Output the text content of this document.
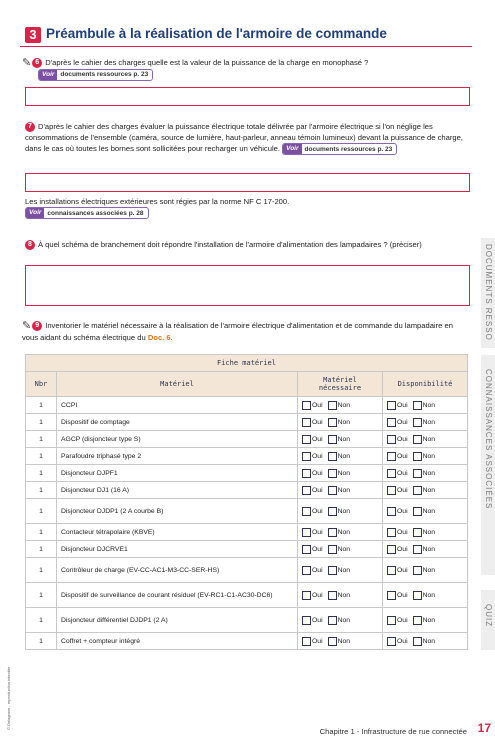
3 Préambule à la réalisation de l'armoire de commande
✎ 6 D'après le cahier des charges quelle est la valeur de la puissance de la charge en monophasé ?

Voir documents ressources p. 23
7 D'après le cahier des charges évaluer la puissance électrique totale délivrée par l'armoire électrique si l'on néglige les consommations de l'ensemble (caméra, source de lumière, haut-parleur, anneau témoin lumineux) devant la puissance de charge, dans le cas où toutes les bornes sont sollicitées pour recharger un véhicule. Voir documents ressources p. 23
Les installations électriques extérieures sont régies par la norme NF C 17-200.

Voir connaissances associées p. 28
8 À quel schéma de branchement doit répondre l'installation de l'armoire d'alimentation des lampadaires ? (préciser)
✎ 9 Inventorier le matériel nécessaire à la réalisation de l'armoire électrique d'alimentation et de commande du lampadaire en vous aidant du schéma électrique du Doc. 6.
Fiche matériel			
Nbr	Matériel	Matériel nécessaire	Disponibilité
1	CCPI	Oui Non	Oui Non
1	Dispositif de comptage	Oui Non	Oui Non
1	AGCP (disjoncteur type S)	Oui Non	Oui Non
1	Parafoudre triphasé type 2	Oui Non	Oui Non
1	Disjoncteur DJPF1	Oui Non	Oui Non
1	Disjoncteur DJ1 (16 A)	Oui Non	Oui Non
1	Disjoncteur DJDP1 (2 A courbe B)	Oui Non	Oui Non
1	Contacteur tétrapolaire (KBVE)	Oui Non	Oui Non
1	Disjoncteur DJCRVE1	Oui Non	Oui Non
1	Contrôleur de charge (EV-CC-AC1-M3-CC-SER-HS)	Oui Non	Oui Non
1	Dispositif de surveillance de courant résiduel (EV-RC1-C1-AC30-DC6)	Oui Non	Oui Non
1	Disjoncteur différentiel DJDP1 (2 A)	Oui Non	Oui Non
1	Coffret + compteur intégré	Oui Non	Oui Non
DOCUMENTS RESSO
CONNAISSANCES ASSOCIÉES
QUIZ
Chapitre 1 - Infrastructure de rue connectée 17
© Delagrave - reproduction interdite
